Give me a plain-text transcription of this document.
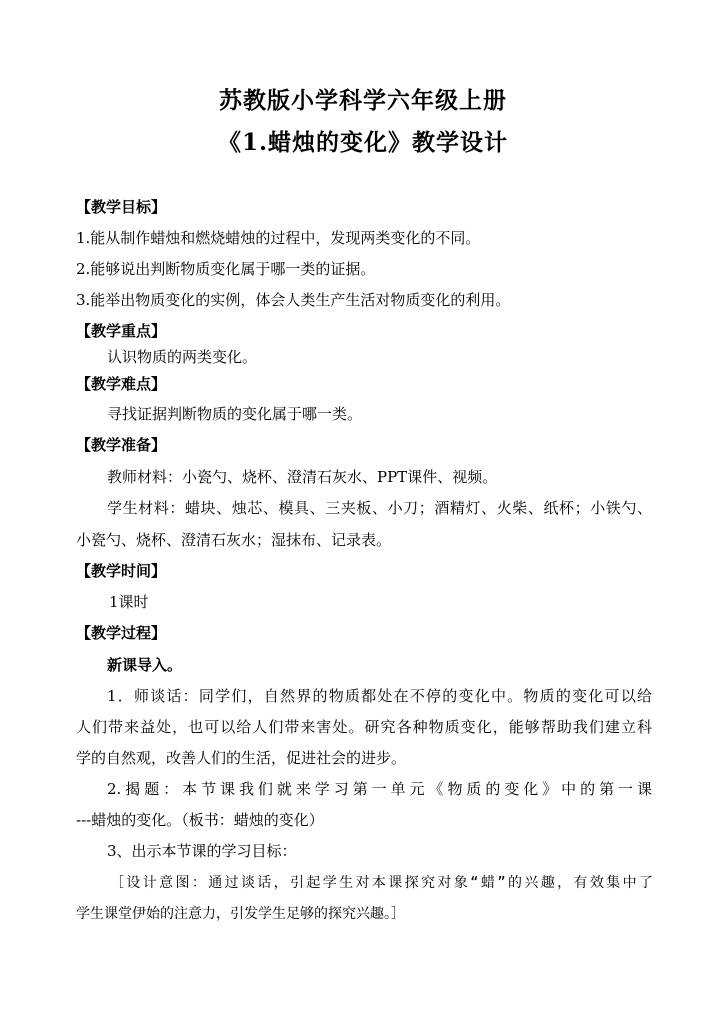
苏教版小学科学六年级上册
《1.蜡烛的变化》教学设计
【教学目标】
1.能从制作蜡烛和燃烧蜡烛的过程中，发现两类变化的不同。
2.能够说出判断物质变化属于哪一类的证据。
3.能举出物质变化的实例，体会人类生产生活对物质变化的利用。
【教学重点】
认识物质的两类变化。
【教学难点】
寻找证据判断物质的变化属于哪一类。
【教学准备】
教师材料：小瓷勺、烧杯、澄清石灰水、PPT课件、视频。
学生材料：蜡块、烛芯、模具、三夹板、小刀；酒精灯、火柴、纸杯；小铁勺、
小瓷勺、烧杯、澄清石灰水；湿抹布、记录表。
【教学时间】
1课时
【教学过程】
新课导入。
1．师谈话：同学们，自然界的物质都处在不停的变化中。物质的变化可以给
人们带来益处，也可以给人们带来害处。研究各种物质变化，能够帮助我们建立科
学的自然观，改善人们的生活，促进社会的进步。
2.揭题：本节课我们就来学习第一单元《物质的变化》中的第一课
---蜡烛的变化。（板书：蜡烛的变化）
3、出示本节课的学习目标：
［设计意图：通过谈话，引起学生对本课探究对象“蜡”的兴趣，有效集中了
学生课堂伊始的注意力，引发学生足够的探究兴趣。］
